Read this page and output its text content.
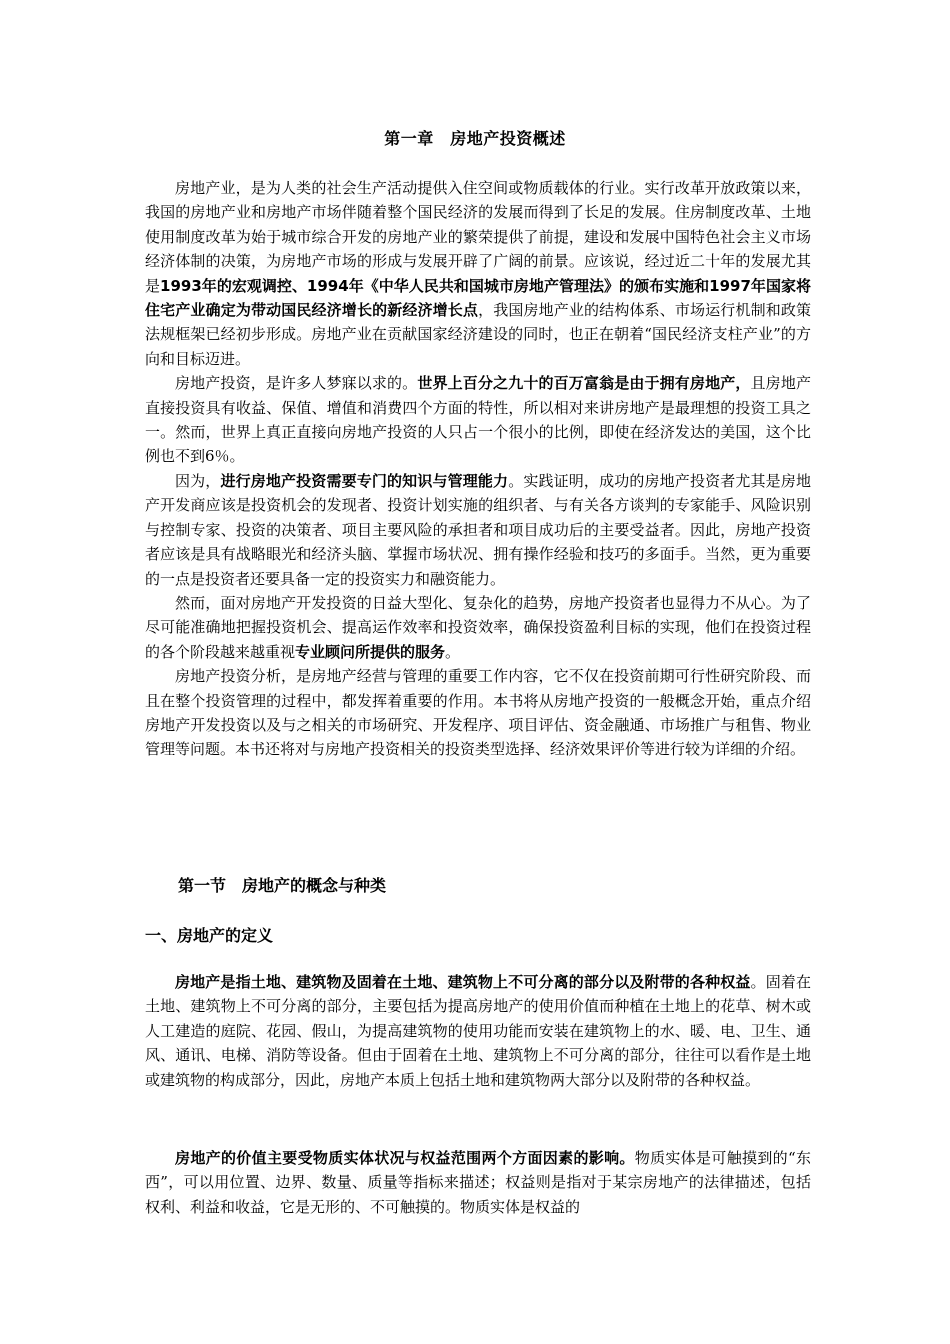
第一章　房地产投资概述

房地产业，是为人类的社会生产活动提供入住空间或物质载体的行业。实行改革开放政策以来，我国的房地产业和房地产市场伴随着整个国民经济的发展而得到了长足的发展。住房制度改革、土地使用制度改革为始于城市综合开发的房地产业的繁荣提供了前提，建设和发展中国特色社会主义市场经济体制的决策，为房地产市场的形成与发展开辟了广阔的前景。应该说，经过近二十年的发展尤其是1993年的宏观调控、1994年《中华人民共和国城市房地产管理法》的颁布实施和1997年国家将住宅产业确定为带动国民经济增长的新经济增长点，我国房地产业的结构体系、市场运行机制和政策法规框架已经初步形成。房地产业在贡献国家经济建设的同时，也正在朝着“国民经济支柱产业”的方向和目标迈进。

房地产投资，是许多人梦寐以求的。世界上百分之九十的百万富翁是由于拥有房地产，且房地产直接投资具有收益、保值、增值和消费四个方面的特性，所以相对来讲房地产是最理想的投资工具之一。然而，世界上真正直接向房地产投资的人只占一个很小的比例，即使在经济发达的美国，这个比例也不到6％。

因为，进行房地产投资需要专门的知识与管理能力。实践证明，成功的房地产投资者尤其是房地产开发商应该是投资机会的发现者、投资计划实施的组织者、与有关各方谈判的专家能手、风险识别与控制专家、投资的决策者、项目主要风险的承担者和项目成功后的主要受益者。因此，房地产投资者应该是具有战略眼光和经济头脑、掌握市场状况、拥有操作经验和技巧的多面手。当然，更为重要的一点是投资者还要具备一定的投资实力和融资能力。

然而，面对房地产开发投资的日益大型化、复杂化的趋势，房地产投资者也显得力不从心。为了尽可能准确地把握投资机会、提高运作效率和投资效率，确保投资盈利目标的实现，他们在投资过程的各个阶段越来越重视专业顾问所提供的服务。

房地产投资分析，是房地产经营与管理的重要工作内容，它不仅在投资前期可行性研究阶段、而且在整个投资管理的过程中，都发挥着重要的作用。本书将从房地产投资的一般概念开始，重点介绍房地产开发投资以及与之相关的市场研究、开发程序、项目评估、资金融通、市场推广与租售、物业管理等问题。本书还将对与房地产投资相关的投资类型选择、经济效果评价等进行较为详细的介绍。

第一节　房地产的概念与种类
一、房地产的定义

房地产是指土地、建筑物及固着在土地、建筑物上不可分离的部分以及附带的各种权益。固着在土地、建筑物上不可分离的部分，主要包括为提高房地产的使用价值而种植在土地上的花草、树木或人工建造的庭院、花园、假山，为提高建筑物的使用功能而安装在建筑物上的水、暖、电、卫生、通风、通讯、电梯、消防等设备。但由于固着在土地、建筑物上不可分离的部分，往往可以看作是土地或建筑物的构成部分，因此，房地产本质上包括土地和建筑物两大部分以及附带的各种权益。

房地产的价值主要受物质实体状况与权益范围两个方面因素的影响。物质实体是可触摸到的“东西”，可以用位置、边界、数量、质量等指标来描述；权益则是指对于某宗房地产的法律描述，包括权利、利益和收益，它是无形的、不可触摸的。物质实体是权益的
